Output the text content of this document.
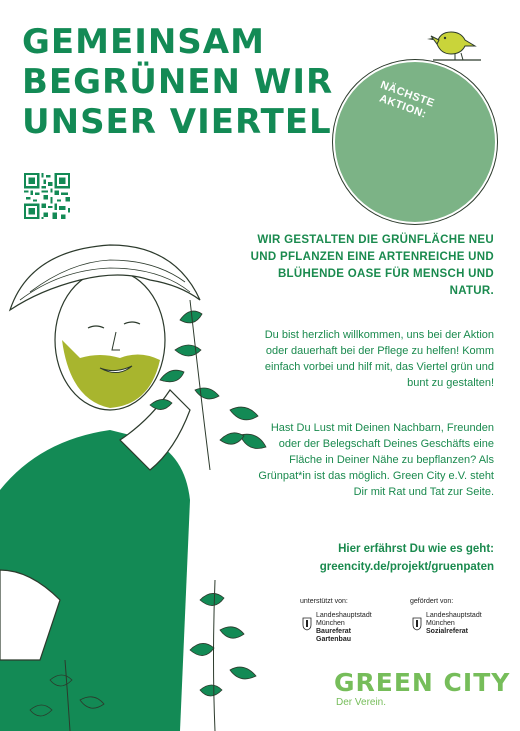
GEMEINSAM
BEGRÜNEN WIR
UNSER VIERTEL
NÄCHSTE AKTION:
WIR GESTALTEN DIE GRÜNFLÄCHE NEU UND PFLANZEN EINE ARTENREICHE UND BLÜHENDE OASE FÜR MENSCH UND NATUR.
Du bist herzlich willkommen, uns bei der Aktion oder dauerhaft bei der Pflege zu helfen! Komm einfach vorbei und hilf mit, das Viertel grün und bunt zu gestalten!
Hast Du Lust mit Deinen Nachbarn, Freunden oder der Belegschaft Deines Geschäfts eine Fläche in Deiner Nähe zu bepflanzen? Als Grünpat*in ist das möglich. Green City e.V. steht Dir mit Rat und Tat zur Seite.
Hier erfährst Du wie es geht:
greencity.de/projekt/gruenpaten
unterstützt von:
Landeshauptstadt
München
Baureferat
Gartenbau
gefördert von:
Landeshauptstadt
München
Sozialreferat
GREEN CITY
Der Verein.
